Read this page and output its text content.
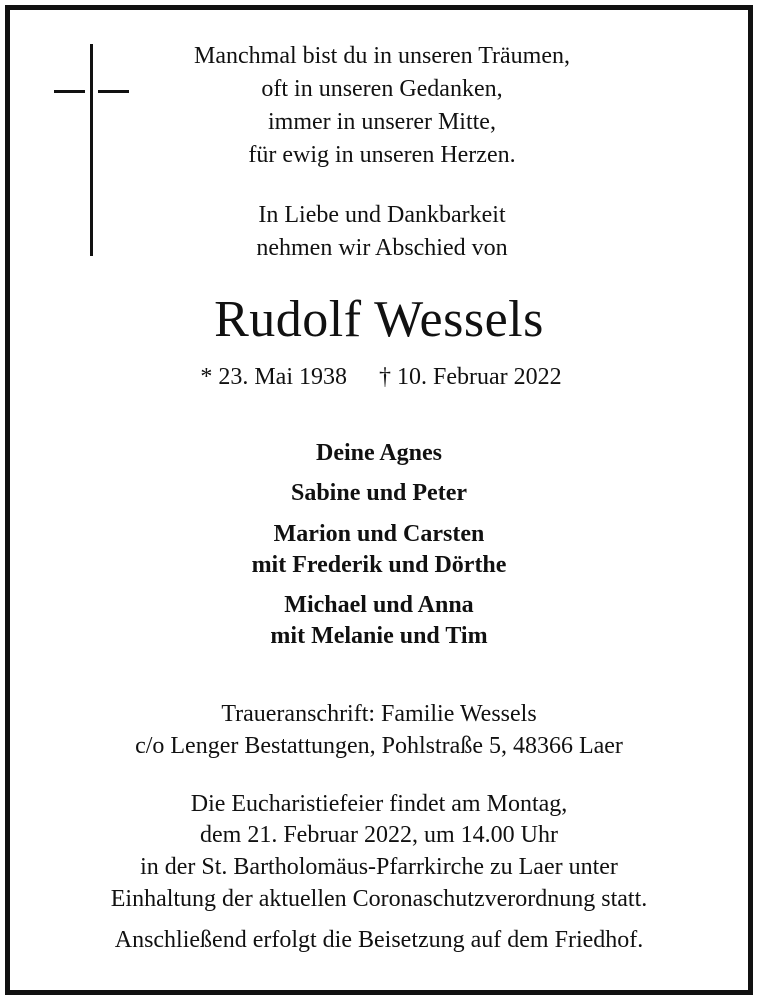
Manchmal bist du in unseren Träumen,
oft in unseren Gedanken,
immer in unserer Mitte,
für ewig in unseren Herzen.
In Liebe und Dankbarkeit
nehmen wir Abschied von
Rudolf Wessels
* 23. Mai 1938 † 10. Februar 2022
Deine Agnes
Sabine und Peter
Marion und Carsten
mit Frederik und Dörthe
Michael und Anna
mit Melanie und Tim
Traueranschrift: Familie Wessels
c/o Lenger Bestattungen, Pohlstraße 5, 48366 Laer
Die Eucharistiefeier findet am Montag,
dem 21. Februar 2022, um 14.00 Uhr
in der St. Bartholomäus-Pfarrkirche zu Laer unter
Einhaltung der aktuellen Coronaschutzverordnung statt.
Anschließend erfolgt die Beisetzung auf dem Friedhof.
